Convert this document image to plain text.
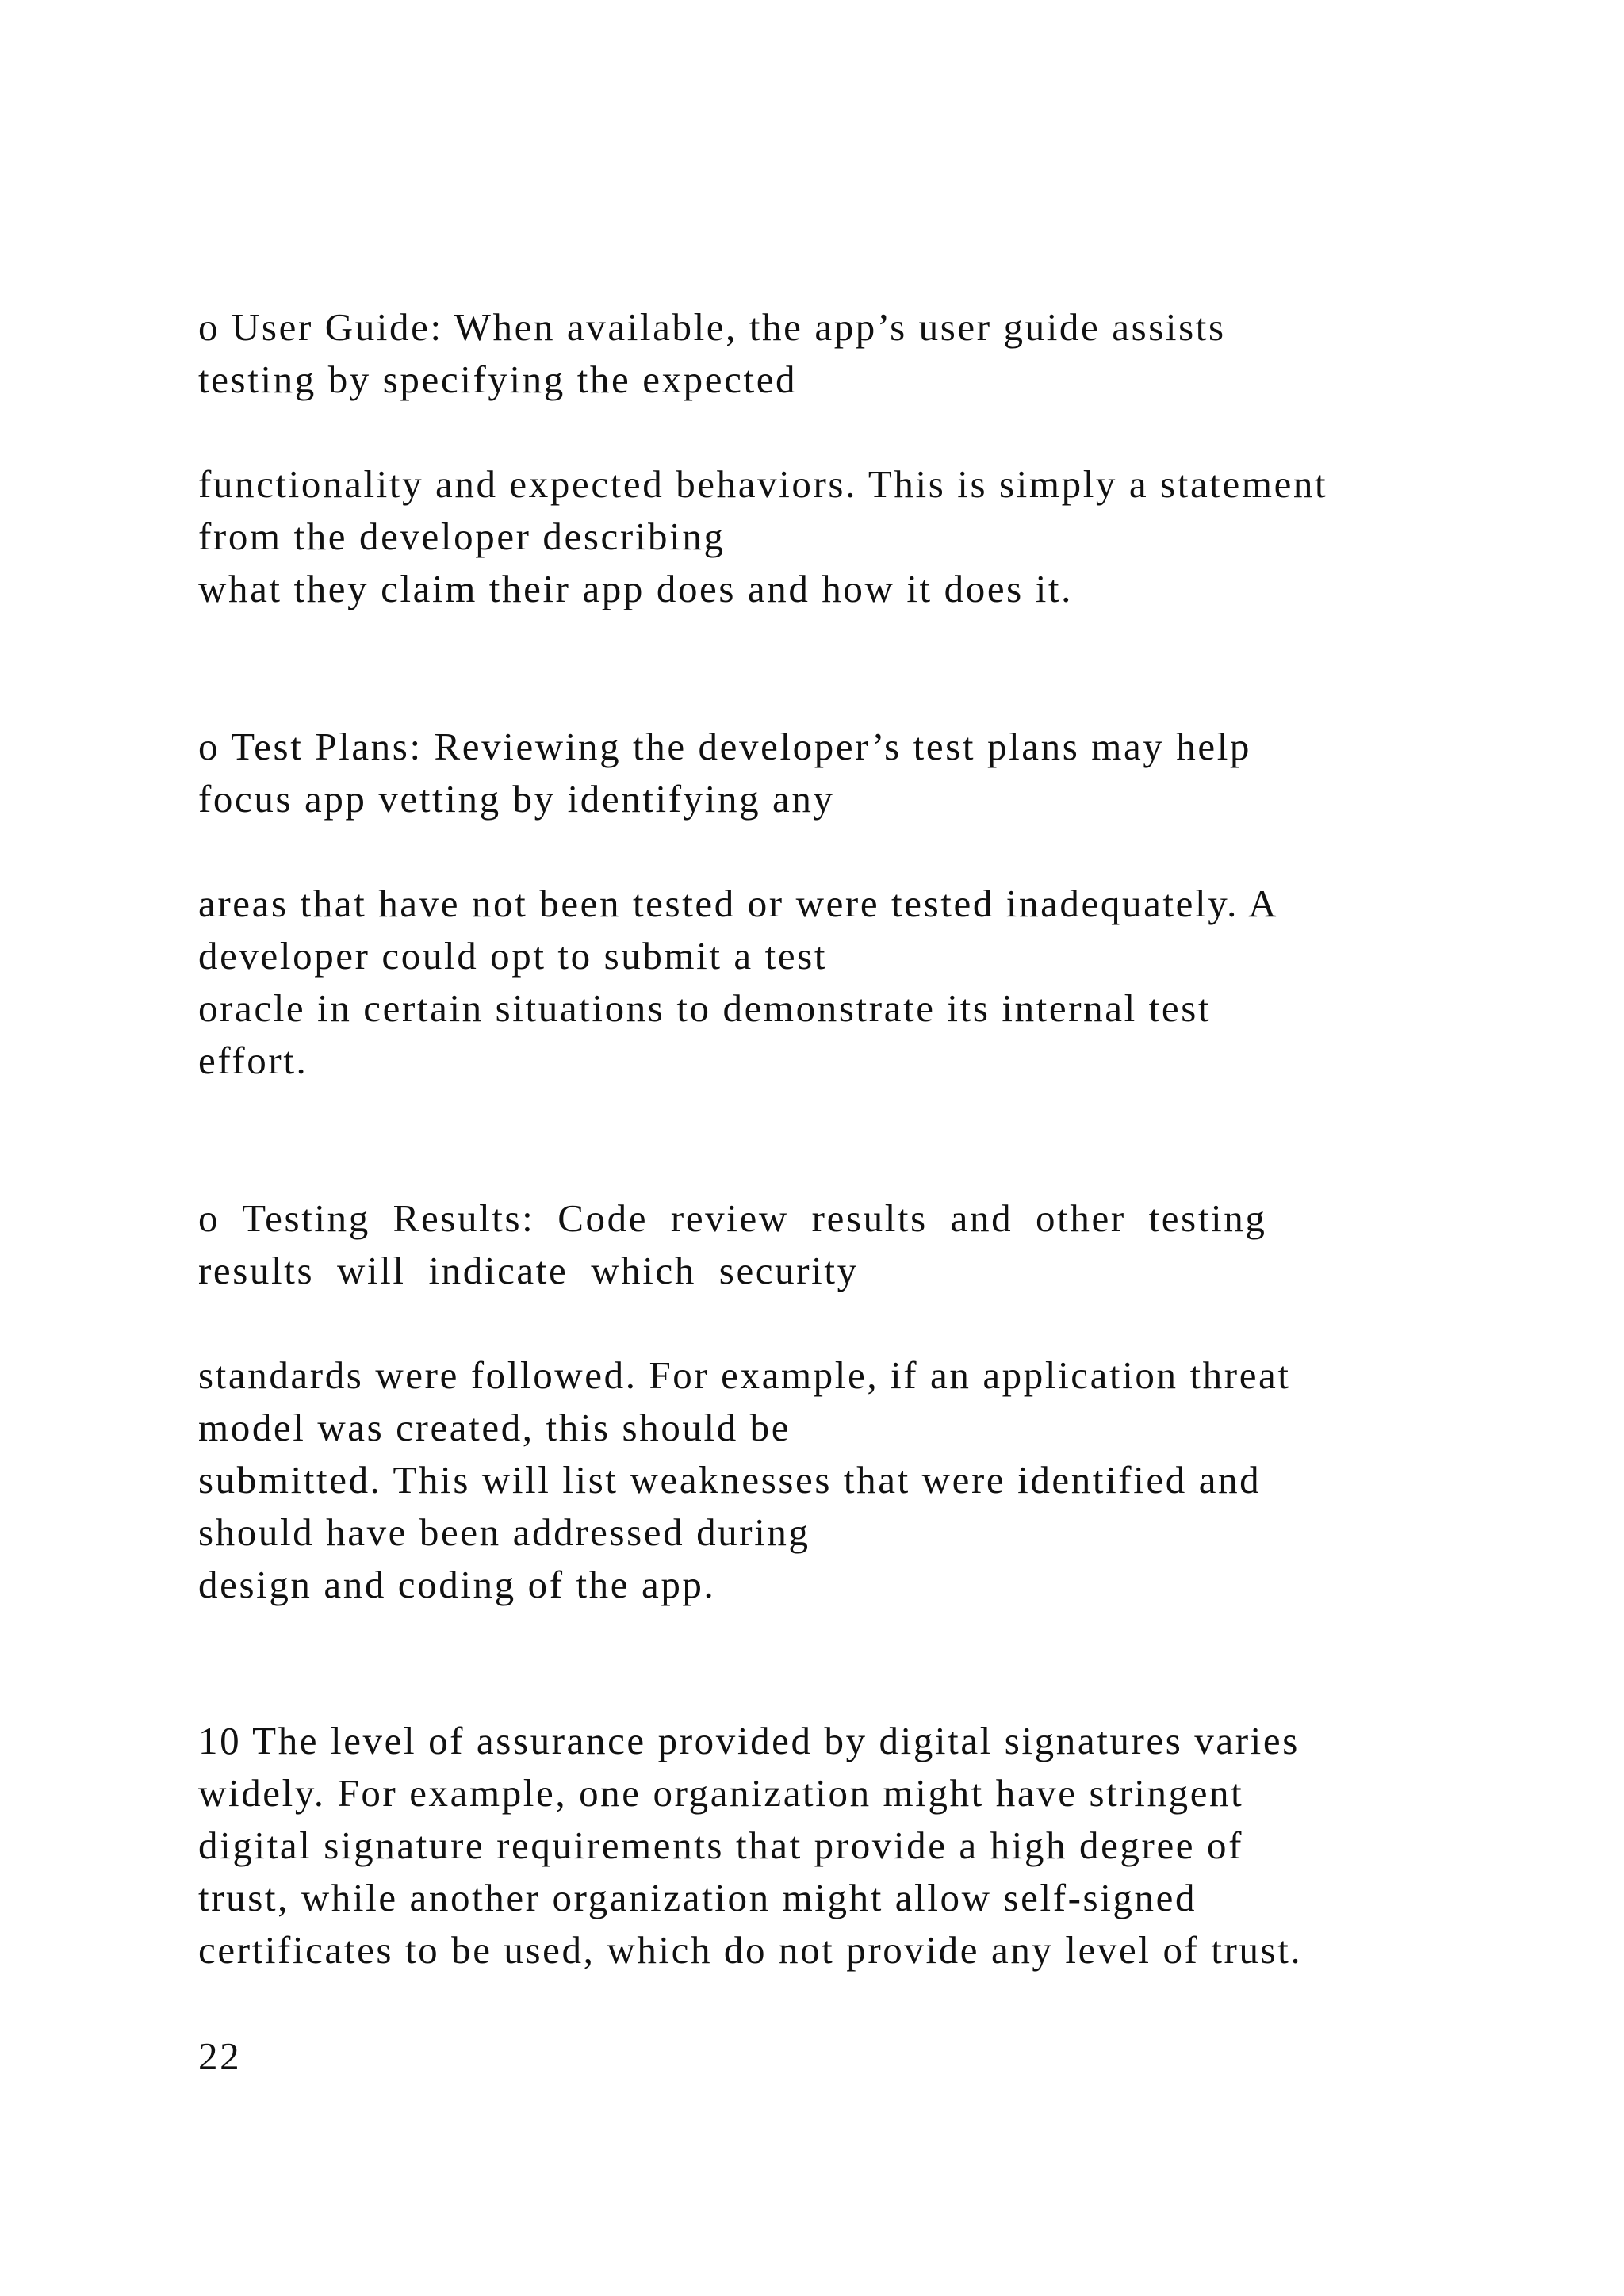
o User Guide: When available, the app’s user guide assists
testing by specifying the expected
functionality and expected behaviors. This is simply a statement
from the developer describing
what they claim their app does and how it does it.
o Test Plans: Reviewing the developer’s test plans may help
focus app vetting by identifying any
areas that have not been tested or were tested inadequately. A
developer could opt to submit a test
oracle in certain situations to demonstrate its internal test
effort.
o Testing Results: Code review results and other testing
results will indicate which security
standards were followed. For example, if an application threat
model was created, this should be
submitted. This will list weaknesses that were identified and
should have been addressed during
design and coding of the app.
10 The level of assurance provided by digital signatures varies
widely. For example, one organization might have stringent
digital signature requirements that provide a high degree of
trust, while another organization might allow self-signed
certificates to be used, which do not provide any level of trust.
22
